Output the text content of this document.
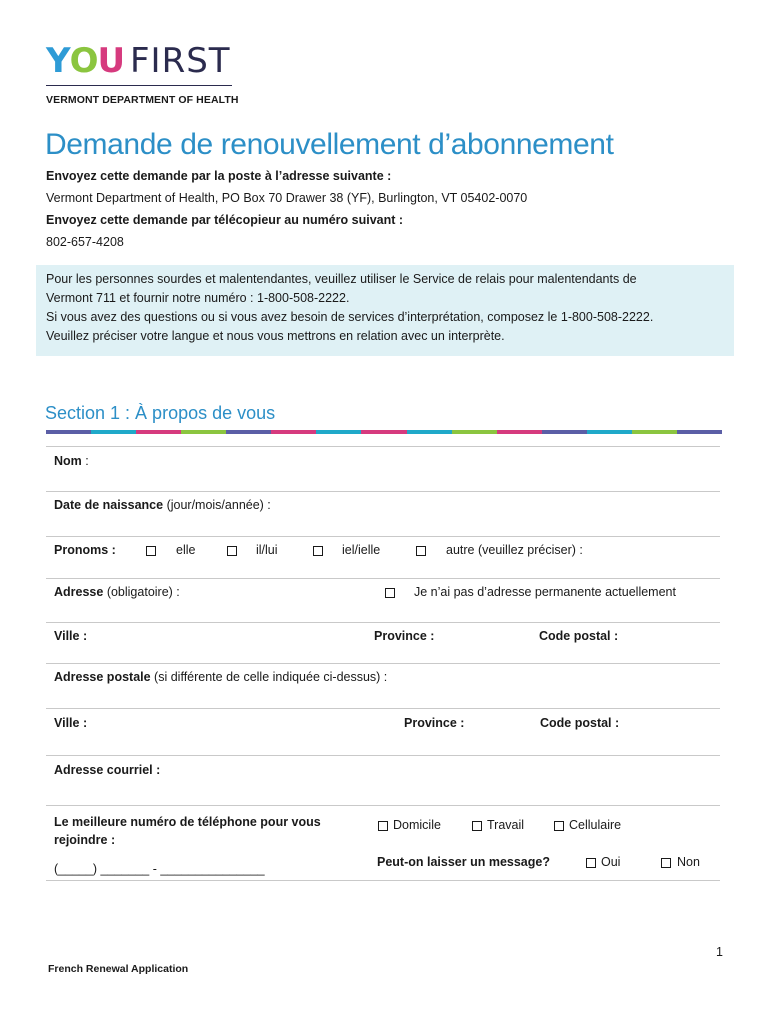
YOU FIRST
VERMONT DEPARTMENT OF HEALTH
Demande de renouvellement d’abonnement
Envoyez cette demande par la poste à l’adresse suivante :
Vermont Department of Health, PO Box 70 Drawer 38 (YF), Burlington, VT 05402-0070
Envoyez cette demande par télécopieur au numéro suivant :
802-657-4208
Pour les personnes sourdes et malentendantes, veuillez utiliser le Service de relais pour malentendants de
Vermont 711 et fournir notre numéro : 1-800-508-2222.
Si vous avez des questions ou si vous avez besoin de services d’interprétation, composez le 1-800-508-2222.
Veuillez préciser votre langue et nous vous mettrons en relation avec un interprète.
Section 1 : À propos de vous
Nom :
Date de naissance (jour/mois/année) :
Pronoms :	elle	il/lui	iel/ielle	autre (veuillez préciser) :
Adresse (obligatoire) :	Je n’ai pas d’adresse permanente actuellement
Ville :	Province :	Code postal :
Adresse postale (si différente de celle indiquée ci-dessus) :
Ville :	Province :	Code postal :
Adresse courriel :
Le meilleure numéro de téléphone pour vous
rejoindre :
(_____) _______ - _______________
Domicile	Travail	Cellulaire
Peut-on laisser un message?	Oui	Non
1
French Renewal Application
